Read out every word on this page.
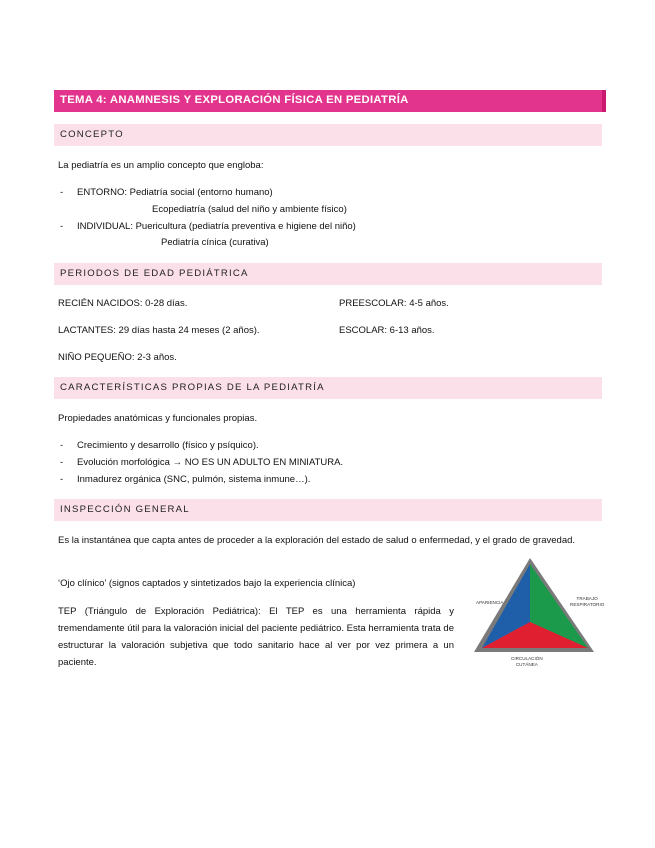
TEMA 4: ANAMNESIS Y EXPLORACIÓN FÍSICA EN PEDIATRÍA
CONCEPTO
La pediatría es un amplio concepto que engloba:
- ENTORNO: Pediatría social (entorno humano)
Ecopediatría (salud del niño y ambiente físico)
- INDIVIDUAL: Puericultura (pediatría preventiva e higiene del niño)
Pediatría cínica (curativa)
PERIODOS DE EDAD PEDIÁTRICA
RECIÉN NACIDOS: 0-28 días.	PREESCOLAR: 4-5 años.
LACTANTES: 29 días hasta 24 meses (2 años).	ESCOLAR: 6-13 años.
NIÑO PEQUEÑO: 2-3 años.
CARACTERÍSTICAS PROPIAS DE LA PEDIATRÍA
Propiedades anatómicas y funcionales propias.
- Crecimiento y desarrollo (físico y psíquico).
- Evolución morfológica → NO ES UN ADULTO EN MINIATURA.
- Inmadurez orgánica (SNC, pulmón, sistema inmune…).
INSPECCIÓN GENERAL
Es la instantánea que capta antes de proceder a la exploración del estado de salud o enfermedad, y el grado de gravedad.
‘Ojo clínico’ (signos captados y sintetizados bajo la experiencia clínica)
TEP (Triángulo de Exploración Pediátrica): El TEP es una herramienta rápida y tremendamente útil para la valoración inicial del paciente pediátrico. Esta herramienta trata de estructurar la valoración subjetiva que todo sanitario hace al ver por vez primera a un paciente.
APARIENCIA
TRABAJO
RESPIRATORIO
CIRCULACIÓN
CUTÁNEA
